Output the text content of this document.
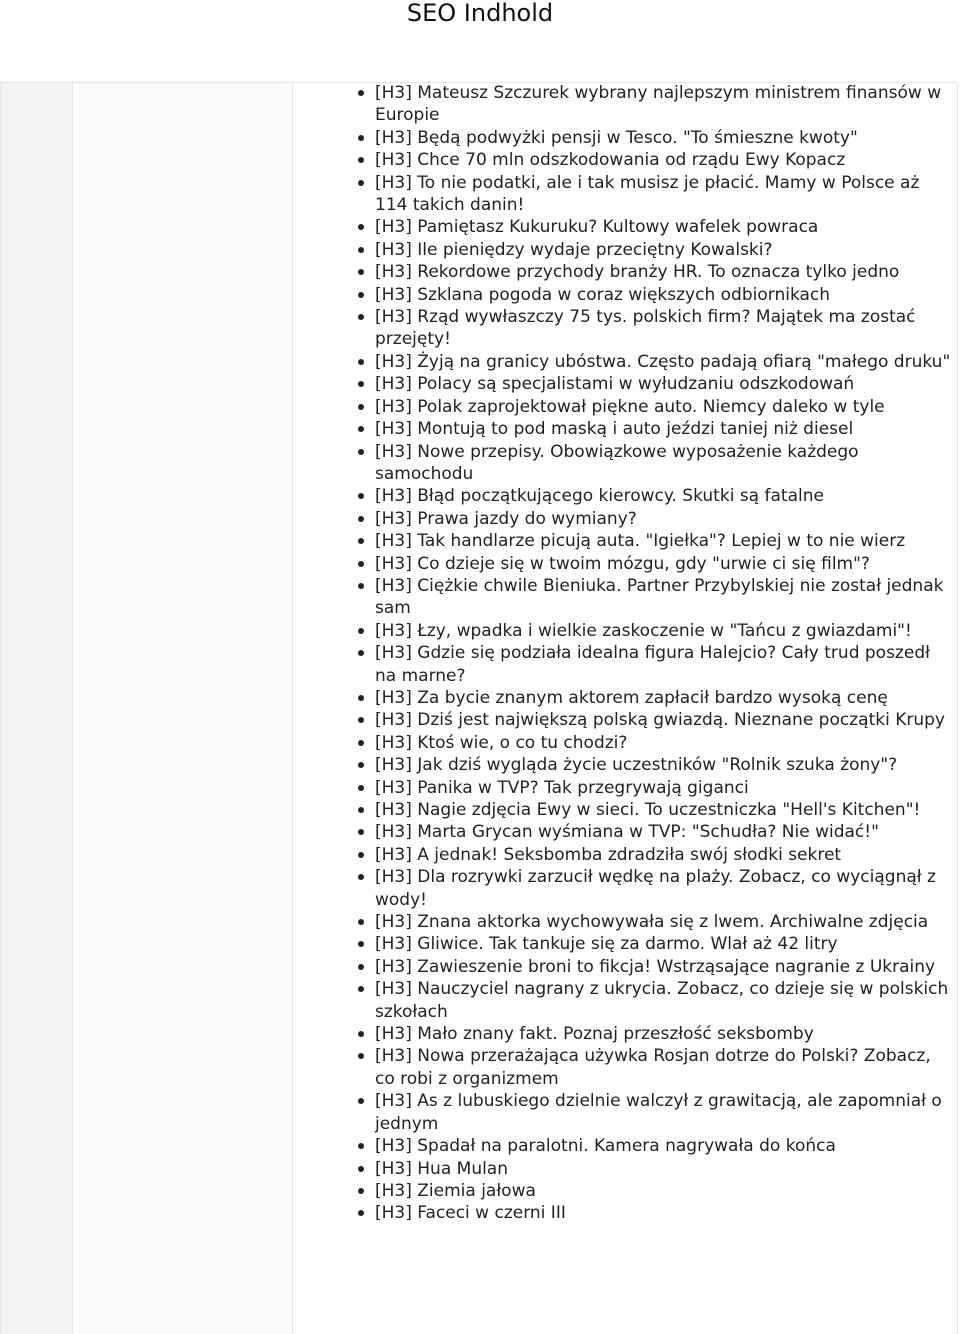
SEO Indhold
[H3] Mateusz Szczurek wybrany najlepszym ministrem finansów w Europie
[H3] Będą podwyżki pensji w Tesco. "To śmieszne kwoty"
[H3] Chce 70 mln odszkodowania od rządu Ewy Kopacz
[H3] To nie podatki, ale i tak musisz je płacić. Mamy w Polsce aż 114 takich danin!
[H3] Pamiętasz Kukuruku? Kultowy wafelek powraca
[H3] Ile pieniędzy wydaje przeciętny Kowalski?
[H3] Rekordowe przychody branży HR. To oznacza tylko jedno
[H3] Szklana pogoda w coraz większych odbiornikach
[H3] Rząd wywłaszczy 75 tys. polskich firm? Majątek ma zostać przejęty!
[H3] Żyją na granicy ubóstwa. Często padają ofiarą "małego druku"
[H3] Polacy są specjalistami w wyłudzaniu odszkodowań
[H3] Polak zaprojektował piękne auto. Niemcy daleko w tyle
[H3] Montują to pod maską i auto jeździ taniej niż diesel
[H3] Nowe przepisy. Obowiązkowe wyposażenie każdego samochodu
[H3] Błąd początkującego kierowcy. Skutki są fatalne
[H3] Prawa jazdy do wymiany?
[H3] Tak handlarze picują auta. "Igiełka"? Lepiej w to nie wierz
[H3] Co dzieje się w twoim mózgu, gdy "urwie ci się film"?
[H3] Ciężkie chwile Bieniuka. Partner Przybylskiej nie został jednak sam
[H3] Łzy, wpadka i wielkie zaskoczenie w "Tańcu z gwiazdami"!
[H3] Gdzie się podziała idealna figura Halejcio? Cały trud poszedł na marne?
[H3] Za bycie znanym aktorem zapłacił bardzo wysoką cenę
[H3] Dziś jest największą polską gwiazdą. Nieznane początki Krupy
[H3] Ktoś wie, o co tu chodzi?
[H3] Jak dziś wygląda życie uczestników "Rolnik szuka żony"?
[H3] Panika w TVP? Tak przegrywają giganci
[H3] Nagie zdjęcia Ewy w sieci. To uczestniczka "Hell's Kitchen"!
[H3] Marta Grycan wyśmiana w TVP: "Schudła? Nie widać!"
[H3] A jednak! Seksbomba zdradziła swój słodki sekret
[H3] Dla rozrywki zarzucił wędkę na plaży. Zobacz, co wyciągnął z wody!
[H3] Znana aktorka wychowywała się z lwem. Archiwalne zdjęcia
[H3] Gliwice. Tak tankuje się za darmo. Wlał aż 42 litry
[H3] Zawieszenie broni to fikcja! Wstrząsające nagranie z Ukrainy
[H3] Nauczyciel nagrany z ukrycia. Zobacz, co dzieje się w polskich szkołach
[H3] Mało znany fakt. Poznaj przeszłość seksbomby
[H3] Nowa przerażająca używka Rosjan dotrze do Polski? Zobacz, co robi z organizmem
[H3] As z lubuskiego dzielnie walczył z grawitacją, ale zapomniał o jednym
[H3] Spadał na paralotni. Kamera nagrywała do końca
[H3] Hua Mulan
[H3] Ziemia jałowa
[H3] Faceci w czerni III
